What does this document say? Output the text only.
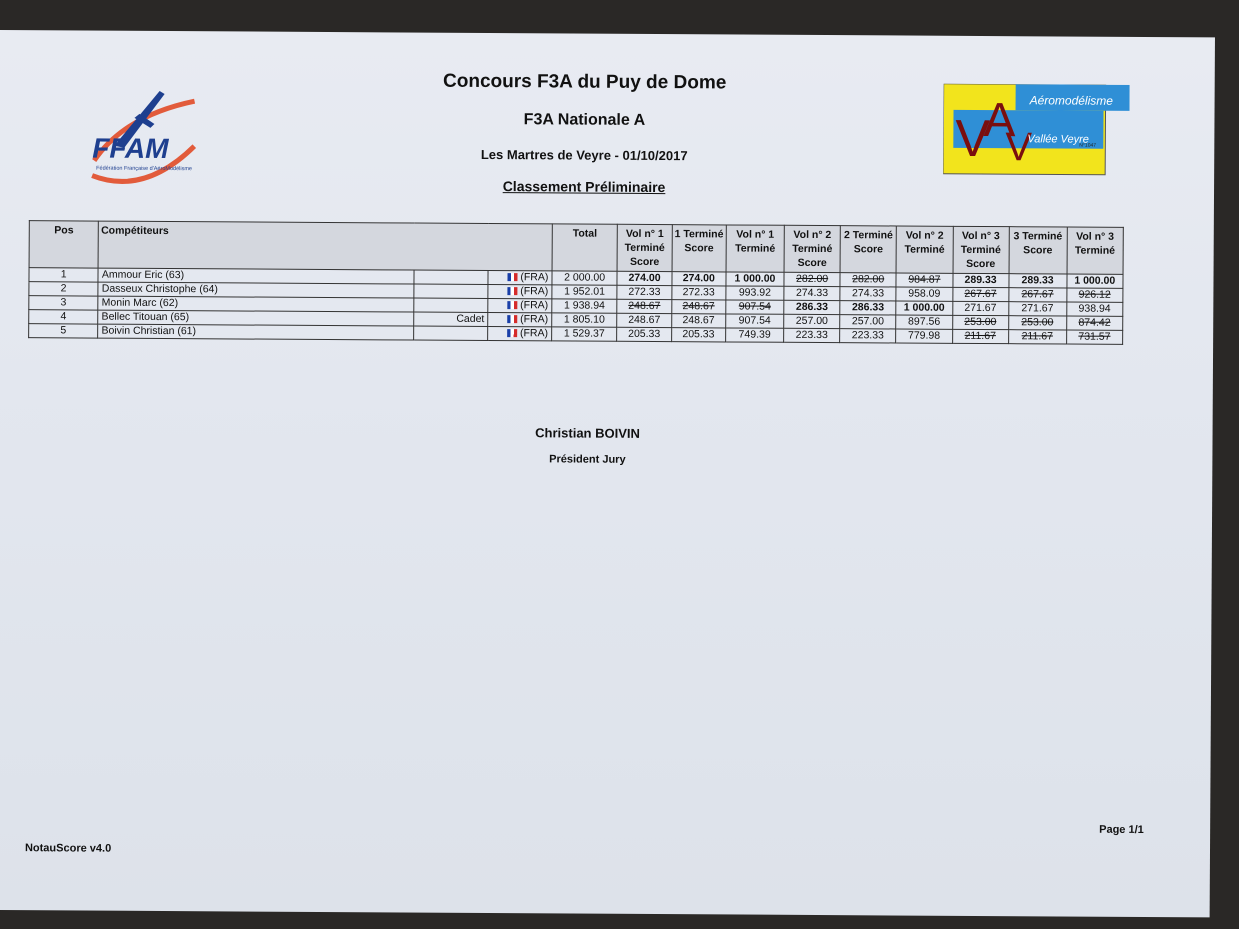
FFAM
Fédération Française d'AéroModélisme
Concours F3A du Puy de Dome
F3A Nationale A
Les Martres de Veyre - 01/10/2017
Classement Préliminaire
V
A
V
Aéromodélisme
Vallée Veyre
N°1047
Pos	Compétiteurs			Total	Vol n° 1 Terminé Score	1 Terminé Score	Vol n° 1 Terminé	Vol n° 2 Terminé Score	2 Terminé Score	Vol n° 2 Terminé	Vol n° 3 Terminé Score	3 Terminé Score	Vol n° 3 Terminé
1	Ammour Eric (63)		(FRA)	2 000.00	274.00	274.00	1 000.00	282.00	282.00	984.87	289.33	289.33	1 000.00
2	Dasseux Christophe (64)		(FRA)	1 952.01	272.33	272.33	993.92	274.33	274.33	958.09	267.67	267.67	926.12
3	Monin Marc (62)		(FRA)	1 938.94	248.67	248.67	907.54	286.33	286.33	1 000.00	271.67	271.67	938.94
4	Bellec Titouan (65)	Cadet	(FRA)	1 805.10	248.67	248.67	907.54	257.00	257.00	897.56	253.00	253.00	874.42
5	Boivin Christian (61)		(FRA)	1 529.37	205.33	205.33	749.39	223.33	223.33	779.98	211.67	211.67	731.57
Christian BOIVIN
Président Jury
NotauScore v4.0
Page 1/1
